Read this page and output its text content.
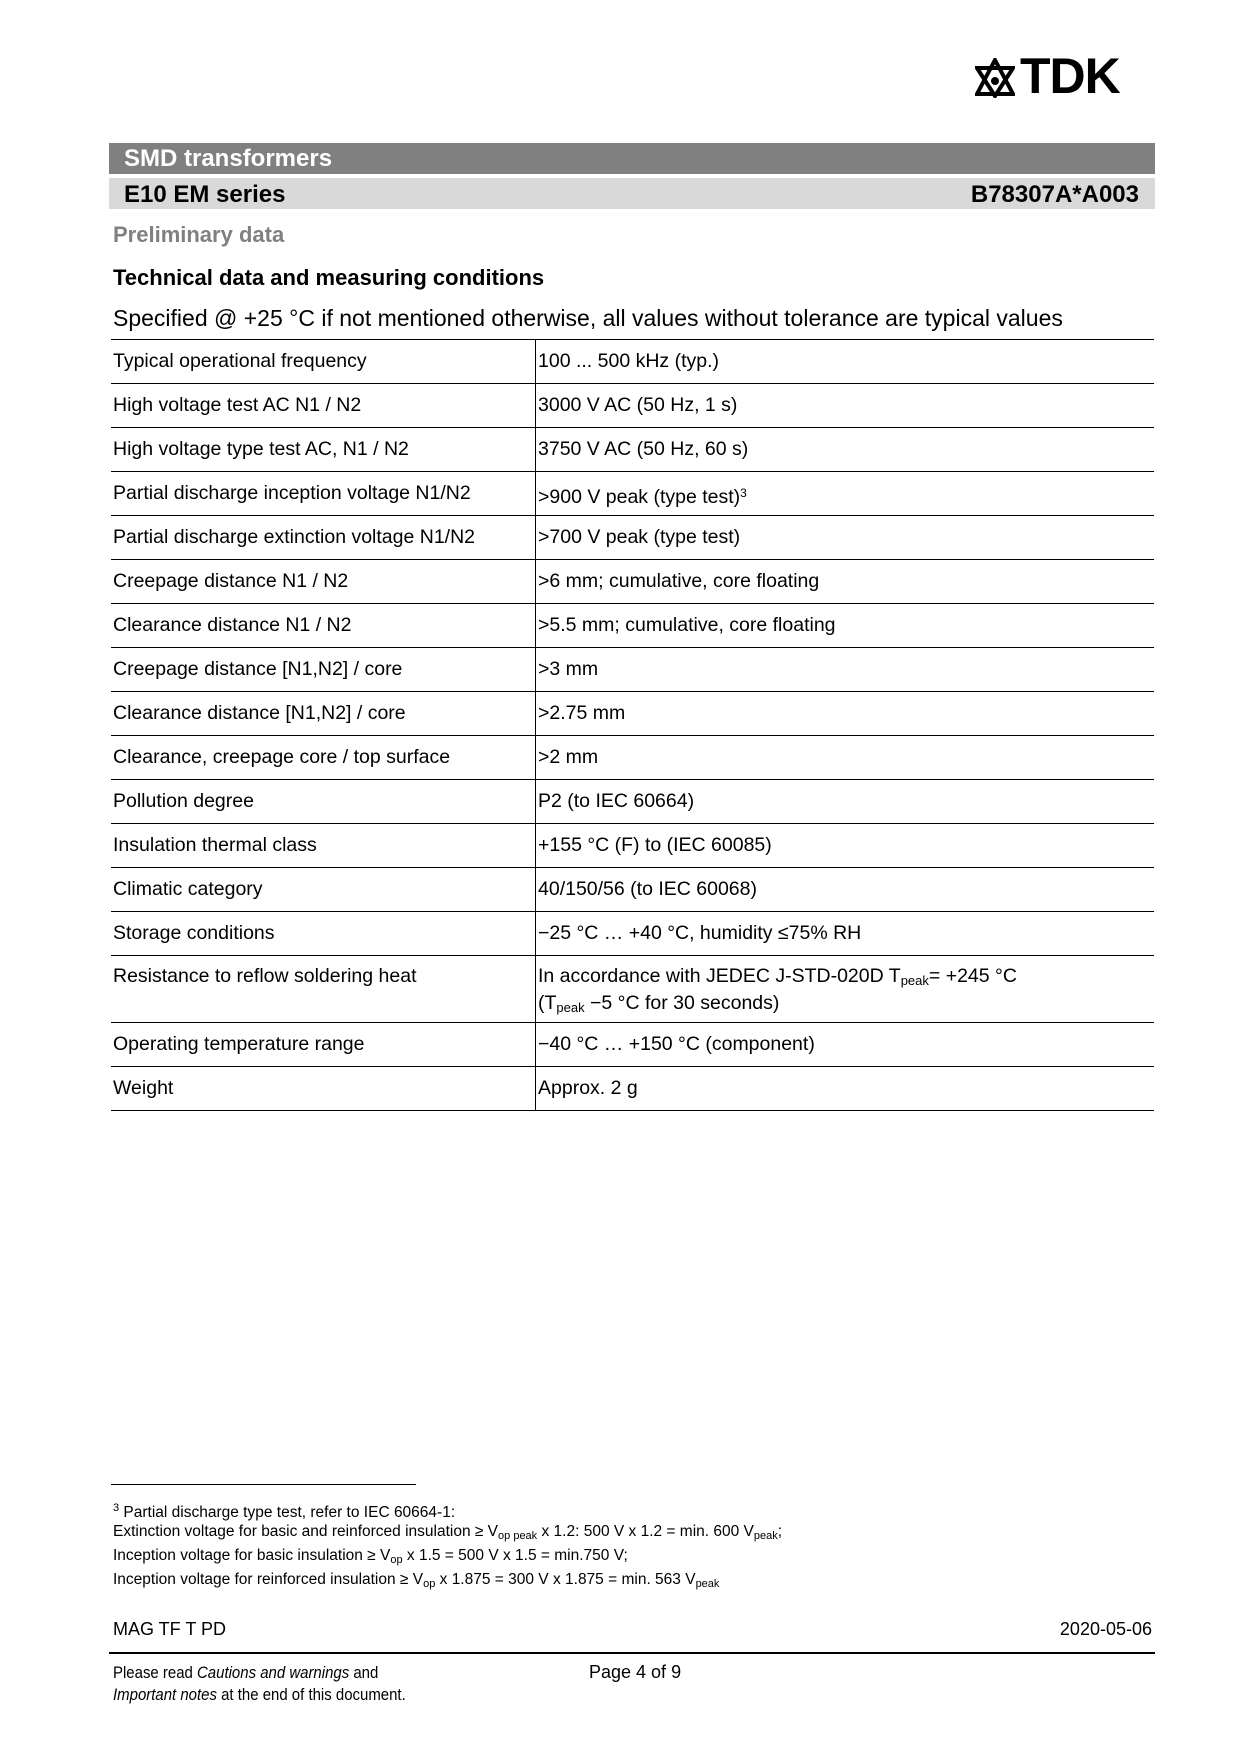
TDK
SMD transformers
E10 EM series	B78307A*A003
Preliminary data
Technical data and measuring conditions
Specified @ +25 °C if not mentioned otherwise, all values without tolerance are typical values
Typical operational frequency	100 ... 500 kHz (typ.)
High voltage test AC N1 / N2	3000 V AC (50 Hz, 1 s)
High voltage type test AC, N1 / N2	3750 V AC (50 Hz, 60 s)
Partial discharge inception voltage N1/N2	>900 V peak (type test)$^3$
Partial discharge extinction voltage N1/N2	>700 V peak (type test)
Creepage distance N1 / N2	>6 mm; cumulative, core floating
Clearance distance N1 / N2	>5.5 mm; cumulative, core floating
Creepage distance [N1,N2] / core	>3 mm
Clearance distance [N1,N2] / core	>2.75 mm
Clearance, creepage core / top surface	>2 mm
Pollution degree	P2 (to IEC 60664)
Insulation thermal class	+155 °C (F) to (IEC 60085)
Climatic category	40/150/56 (to IEC 60068)
Storage conditions	−25 °C … +40 °C, humidity ≤75% RH
Resistance to reflow soldering heat	In accordance with JEDEC J-STD-020D $T_{peak}= +245$ °C
($T_{peak} -5$ °C for 30 seconds)
Operating temperature range	−40 °C … +150 °C (component)
Weight	Approx. 2 g
$^3$ Partial discharge type test, refer to IEC 60664-1:
Extinction voltage for basic and reinforced insulation ≥ $V_{op peak}$ x 1.2: 500 V x 1.2 = min. 600 $V_{peak}$;
Inception voltage for basic insulation ≥ $V_{op}$ x 1.5 = 500 V x 1.5 = min.750 V;
Inception voltage for reinforced insulation ≥ $V_{op}$ x 1.875 = 300 V x 1.875 = min. 563 $V_{peak}$
MAG TF T PD	2020-05-06
Please read Cautions and warnings and
Important notes at the end of this document.
Page 4 of 9
